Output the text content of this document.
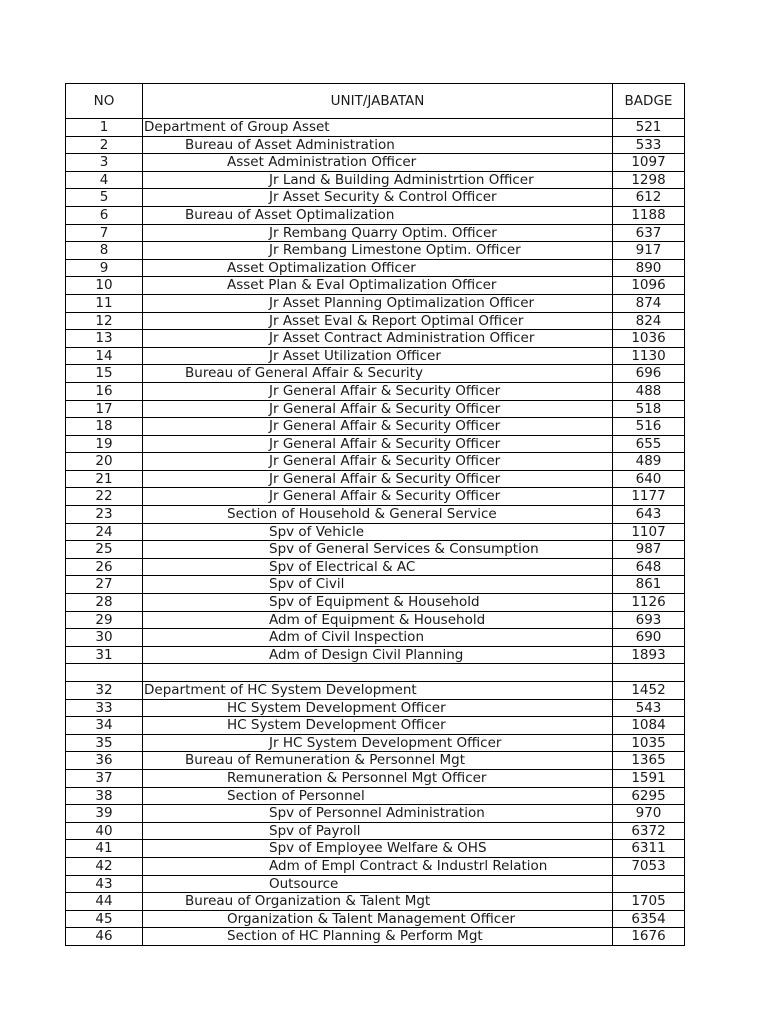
NO	UNIT/JABATAN	BADGE
1	Department of Group Asset	521
2	Bureau of Asset Administration	533
3	Asset Administration Officer	1097
4	Jr Land & Building Administrtion Officer	1298
5	Jr Asset Security & Control Officer	612
6	Bureau of Asset Optimalization	1188
7	Jr Rembang Quarry Optim. Officer	637
8	Jr Rembang Limestone Optim. Officer	917
9	Asset Optimalization Officer	890
10	Asset Plan & Eval Optimalization Officer	1096
11	Jr Asset Planning Optimalization Officer	874
12	Jr Asset Eval & Report Optimal Officer	824
13	Jr Asset Contract Administration Officer	1036
14	Jr Asset Utilization Officer	1130
15	Bureau of General Affair & Security	696
16	Jr General Affair & Security Officer	488
17	Jr General Affair & Security Officer	518
18	Jr General Affair & Security Officer	516
19	Jr General Affair & Security Officer	655
20	Jr General Affair & Security Officer	489
21	Jr General Affair & Security Officer	640
22	Jr General Affair & Security Officer	1177
23	Section of Household & General Service	643
24	Spv of Vehicle	1107
25	Spv of General Services & Consumption	987
26	Spv of Electrical & AC	648
27	Spv of Civil	861
28	Spv of Equipment & Household	1126
29	Adm of Equipment & Household	693
30	Adm of Civil Inspection	690
31	Adm of Design Civil Planning	1893

32	Department of HC System Development	1452
33	HC System Development Officer	543
34	HC System Development Officer	1084
35	Jr HC System Development Officer	1035
36	Bureau of Remuneration & Personnel Mgt	1365
37	Remuneration & Personnel Mgt Officer	1591
38	Section of Personnel	6295
39	Spv of Personnel Administration	970
40	Spv of Payroll	6372
41	Spv of Employee Welfare & OHS	6311
42	Adm of Empl Contract & Industrl Relation	7053
43	Outsource	
44	Bureau of Organization & Talent Mgt	1705
45	Organization & Talent Management Officer	6354
46	Section of HC Planning & Perform Mgt	1676
